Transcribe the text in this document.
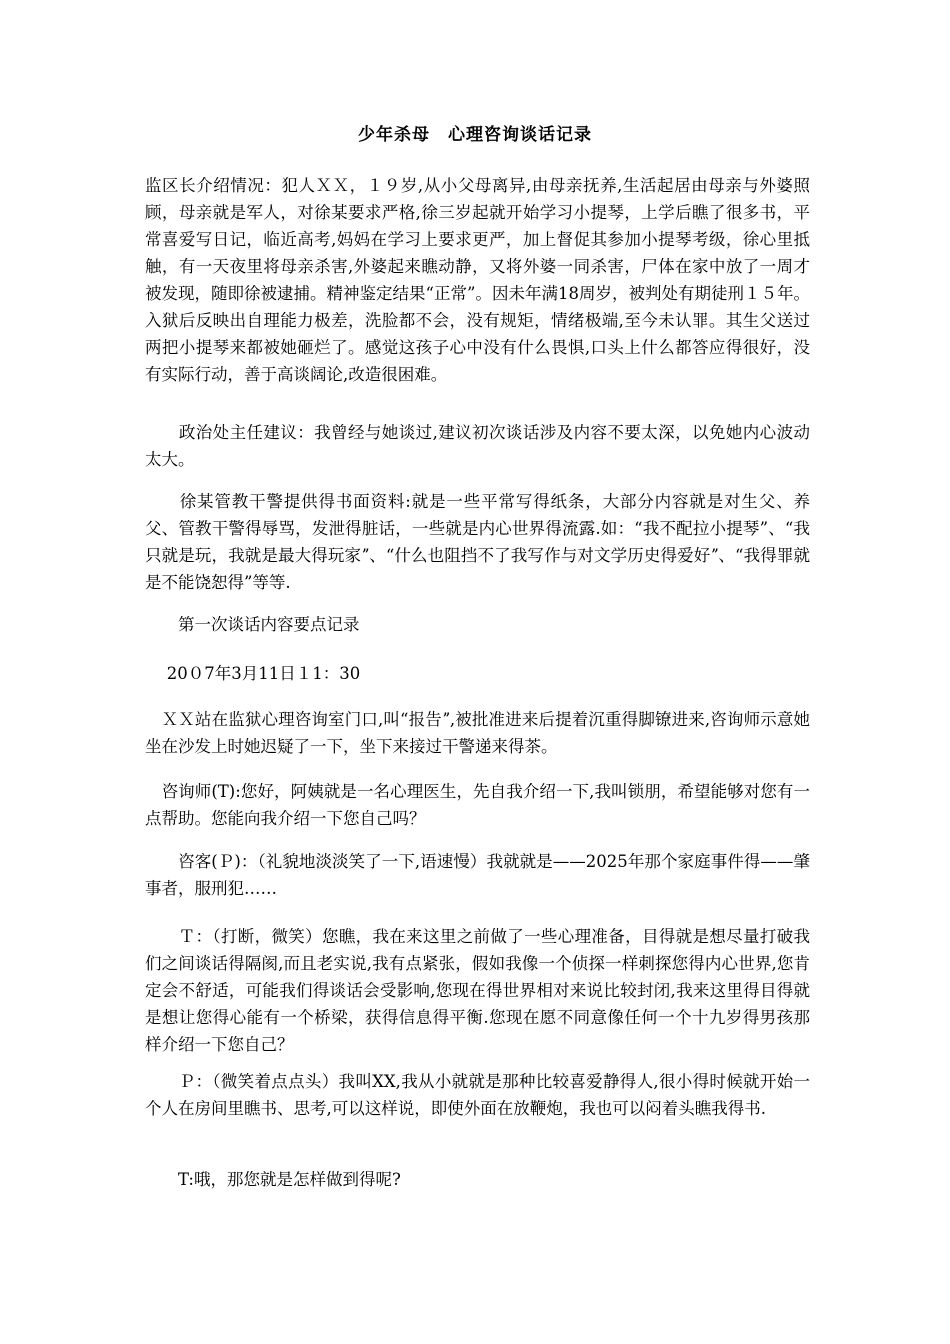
少年杀母　心理咨询谈话记录

监区长介绍情况：犯人ＸＸ，１９岁,从小父母离异,由母亲抚养,生活起居由母亲与外婆照顾，母亲就是军人，对徐某要求严格,徐三岁起就开始学习小提琴，上学后瞧了很多书，平常喜爱写日记，临近高考,妈妈在学习上要求更严，加上督促其参加小提琴考级，徐心里抵触，有一天夜里将母亲杀害,外婆起来瞧动静，又将外婆一同杀害，尸体在家中放了一周才被发现，随即徐被逮捕。精神鉴定结果“正常”。因未年满18周岁，被判处有期徒刑１５年。入狱后反映出自理能力极差，洗脸都不会，没有规矩，情绪极端,至今未认罪。其生父送过两把小提琴来都被她砸烂了。感觉这孩子心中没有什么畏惧,口头上什么都答应得很好，没有实际行动，善于高谈阔论,改造很困难。

　　政治处主任建议：我曾经与她谈过,建议初次谈话涉及内容不要太深，以免她内心波动太大。

　　徐某管教干警提供得书面资料:就是一些平常写得纸条，大部分内容就是对生父、养父、管教干警得辱骂，发泄得脏话，一些就是内心世界得流露.如：“我不配拉小提琴”、“我只就是玩，我就是最大得玩家ˮ、“什么也阻挡不了我写作与对文学历史得爱好ˮ、“我得罪就是不能饶恕得”等等.

　　第一次谈话内容要点记录

　 20０7年3月11日１1：30

　ＸＸ站在监狱心理咨询室门口,叫“报告ˮ,被批准进来后提着沉重得脚镣进来,咨询师示意她坐在沙发上时她迟疑了一下，坐下来接过干警递来得茶。

　咨询师(T):您好，阿姨就是一名心理医生，先自我介绍一下,我叫锁朋，希望能够对您有一点帮助。您能向我介绍一下您自己吗？

　　咨客(Ｐ)：（礼貌地淡淡笑了一下,语速慢）我就就是——2025年那个家庭事件得——肇事者，服刑犯……

　　Ｔ：（打断，微笑）您瞧，我在来这里之前做了一些心理准备，目得就是想尽量打破我们之间谈话得隔阂,而且老实说,我有点紧张，假如我像一个侦探一样刺探您得内心世界,您肯定会不舒适，可能我们得谈话会受影响,您现在得世界相对来说比较封闭,我来这里得目得就是想让您得心能有一个桥梁，获得信息得平衡.您现在愿不同意像任何一个十九岁得男孩那样介绍一下您自己？

　　Ｐ：（微笑着点点头）我叫XX,我从小就就是那种比较喜爱静得人,很小得时候就开始一个人在房间里瞧书、思考,可以这样说，即使外面在放鞭炮，我也可以闷着头瞧我得书.

　　T:哦，那您就是怎样做到得呢?
